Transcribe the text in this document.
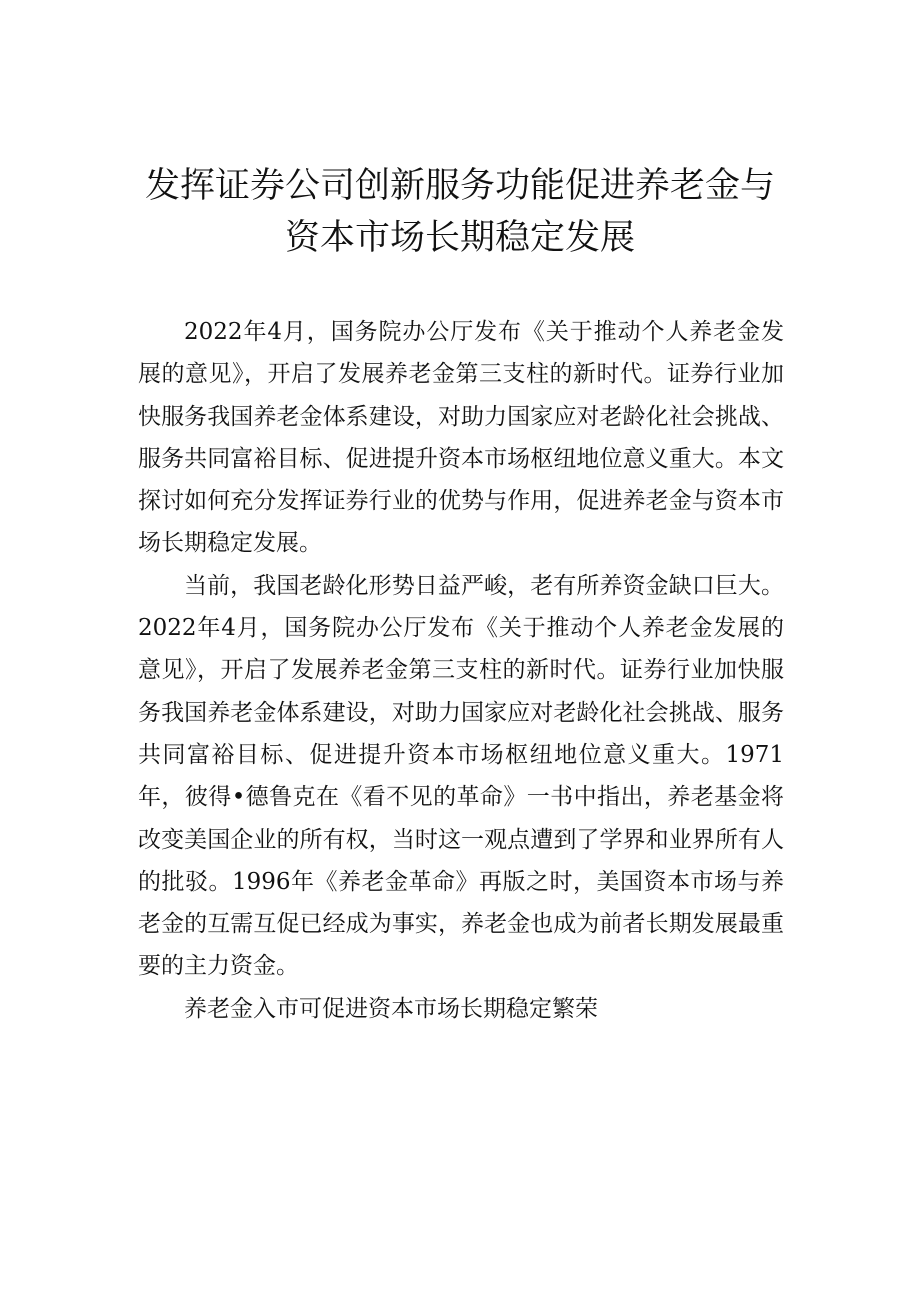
发挥证券公司创新服务功能促进养老金与
资本市场长期稳定发展

2022年4月，国务院办公厅发布《关于推动个人养老金发展的意见》，开启了发展养老金第三支柱的新时代。证券行业加快服务我国养老金体系建设，对助力国家应对老龄化社会挑战、服务共同富裕目标、促进提升资本市场枢纽地位意义重大。本文探讨如何充分发挥证券行业的优势与作用，促进养老金与资本市场长期稳定发展。

当前，我国老龄化形势日益严峻，老有所养资金缺口巨大。2022年4月，国务院办公厅发布《关于推动个人养老金发展的意见》，开启了发展养老金第三支柱的新时代。证券行业加快服务我国养老金体系建设，对助力国家应对老龄化社会挑战、服务共同富裕目标、促进提升资本市场枢纽地位意义重大。1971年，彼得•德鲁克在《看不见的革命》一书中指出，养老基金将改变美国企业的所有权，当时这一观点遭到了学界和业界所有人的批驳。1996年《养老金革命》再版之时，美国资本市场与养老金的互需互促已经成为事实，养老金也成为前者长期发展最重要的主力资金。

养老金入市可促进资本市场长期稳定繁荣
